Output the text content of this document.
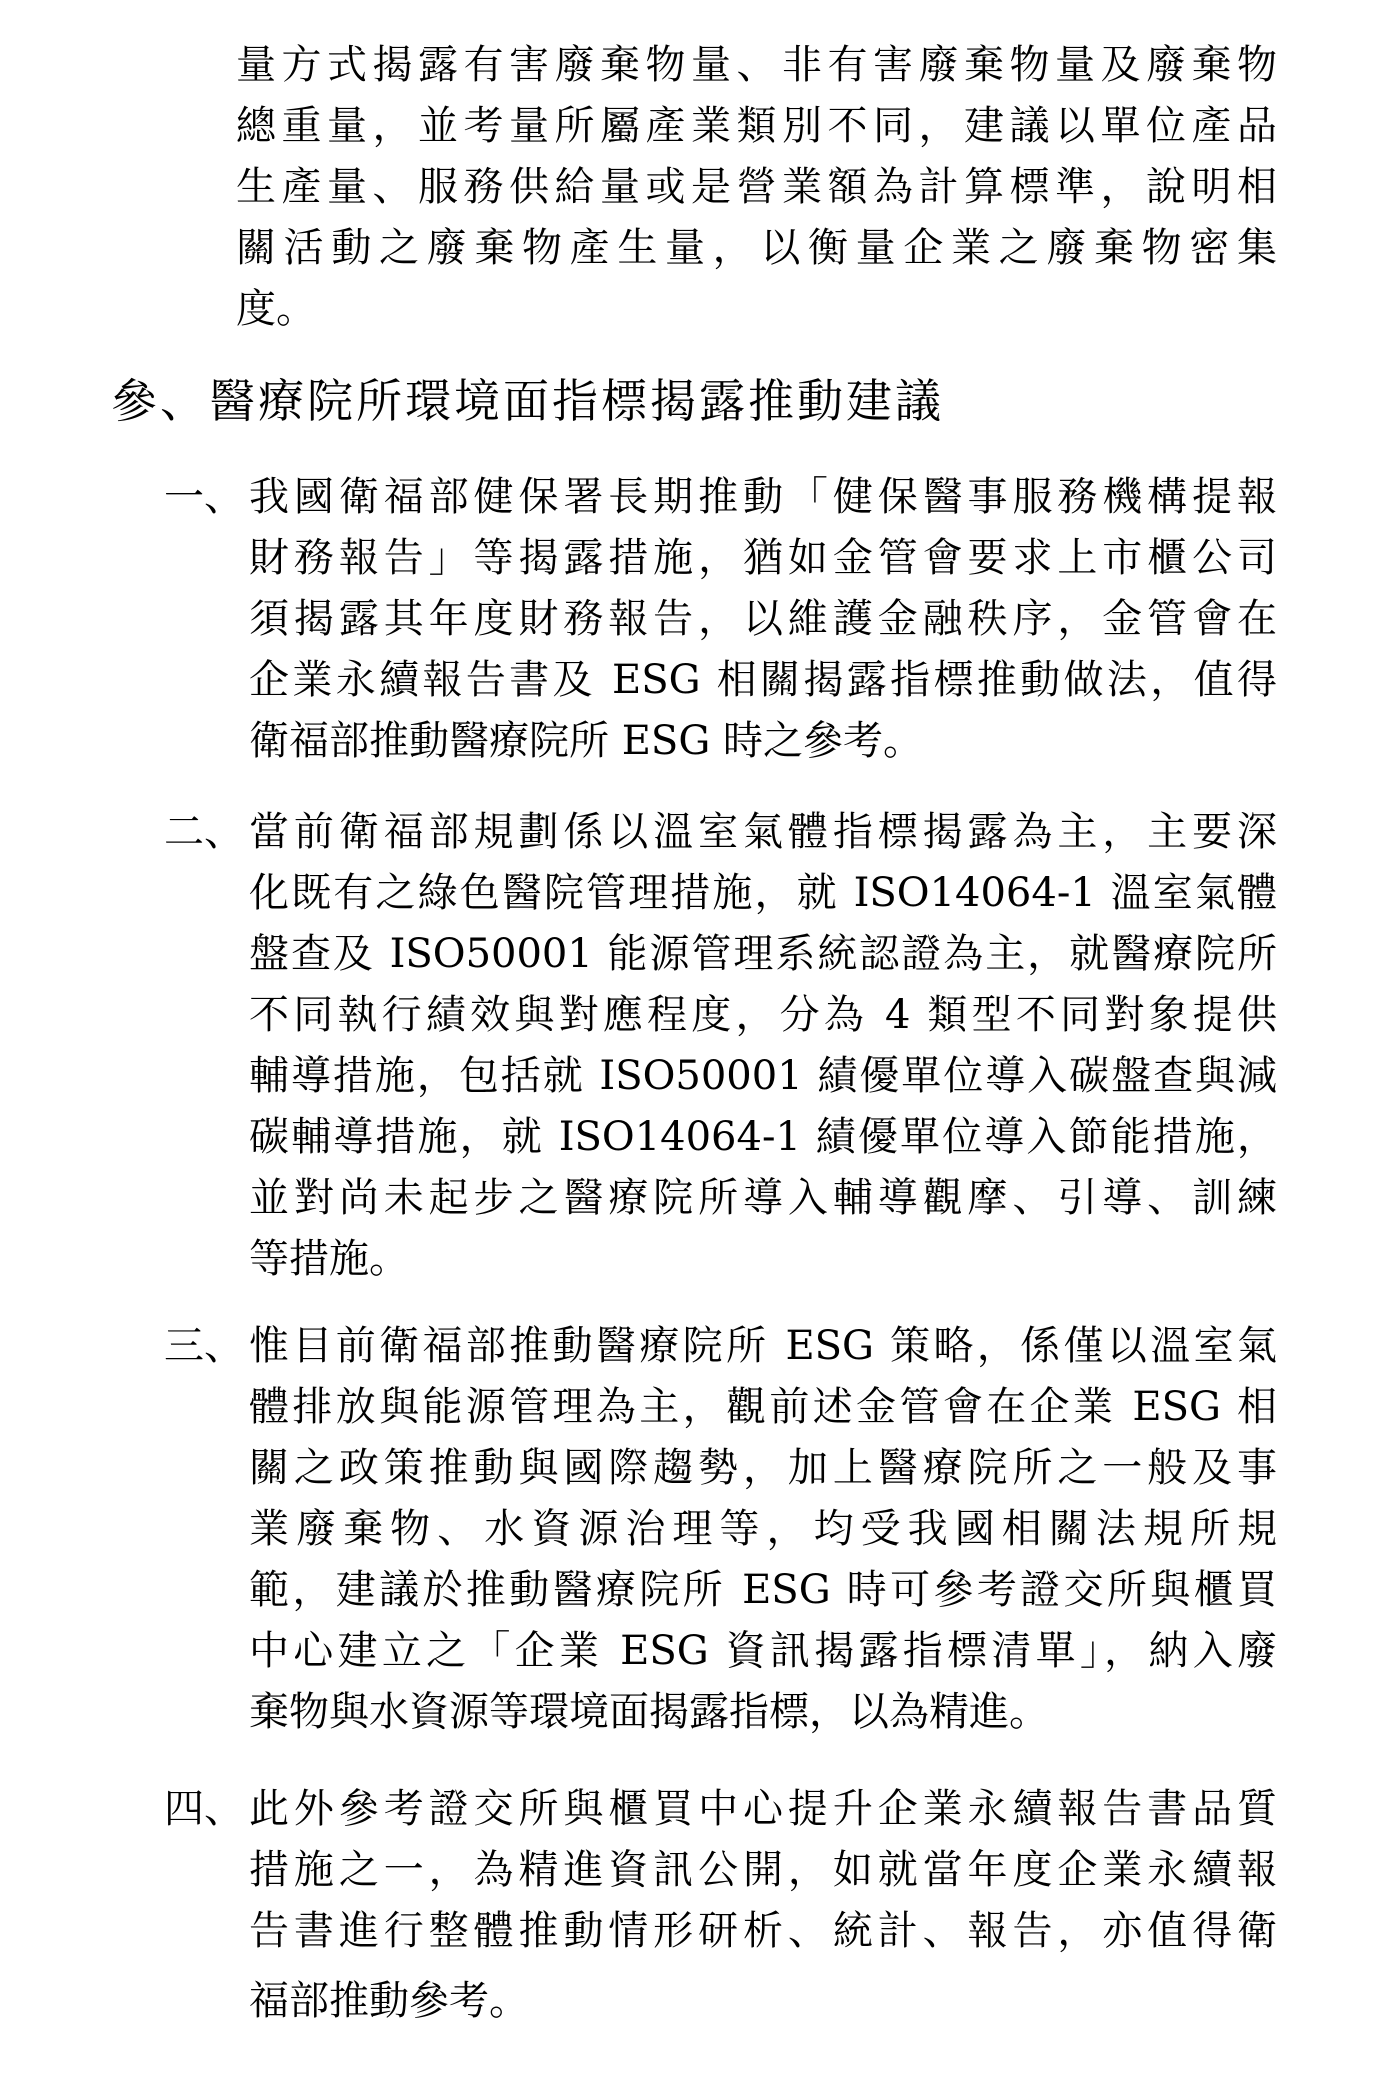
量方式揭露有害廢棄物量、非有害廢棄物量及廢棄物
總重量，並考量所屬產業類別不同，建議以單位產品
生產量、服務供給量或是營業額為計算標準，說明相
關活動之廢棄物產生量，以衡量企業之廢棄物密集
度。
參、醫療院所環境面指標揭露推動建議
一、 我國衛福部健保署長期推動「健保醫事服務機構提報
財務報告」等揭露措施，猶如金管會要求上市櫃公司
須揭露其年度財務報告，以維護金融秩序，金管會在
企業永續報告書及 ESG 相關揭露指標推動做法，值得
衛福部推動醫療院所 ESG 時之參考。
二、 當前衛福部規劃係以溫室氣體指標揭露為主，主要深
化既有之綠色醫院管理措施，就 ISO14064-1 溫室氣體
盤查及 ISO50001 能源管理系統認證為主，就醫療院所
不同執行績效與對應程度，分為 4 類型不同對象提供
輔導措施，包括就 ISO50001 績優單位導入碳盤查與減
碳輔導措施，就 ISO14064-1 績優單位導入節能措施，
並對尚未起步之醫療院所導入輔導觀摩、引導、訓練
等措施。
三、 惟目前衛福部推動醫療院所 ESG 策略，係僅以溫室氣
體排放與能源管理為主，觀前述金管會在企業 ESG 相
關之政策推動與國際趨勢，加上醫療院所之一般及事
業廢棄物、水資源治理等，均受我國相關法規所規
範，建議於推動醫療院所 ESG 時可參考證交所與櫃買
中心建立之「企業 ESG 資訊揭露指標清單」，納入廢
棄物與水資源等環境面揭露指標，以為精進。
四、 此外參考證交所與櫃買中心提升企業永續報告書品質
措施之一，為精進資訊公開，如就當年度企業永續報
告書進行整體推動情形研析、統計、報告，亦值得衛
福部推動參考。
